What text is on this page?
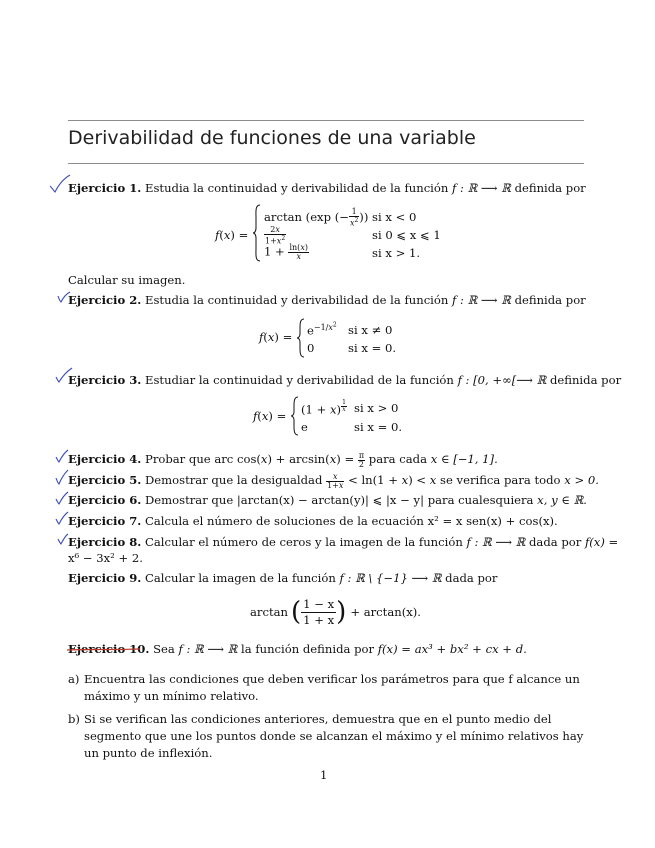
Derivabilidad de funciones de una variable
Ejercicio 1. Estudia la continuidad y derivabilidad de la función f : ℝ ⟶ ℝ definida por
f(x) =
arctan (exp (− $\frac{1}{x^2}$ ))
$\frac{2x}{1+x^2}$
$1 + \frac{\ln(x)}{x}$
si x < 0
si 0 ⩽ x ⩽ 1
si x > 1.
Calcular su imagen.
Ejercicio 2. Estudia la continuidad y derivabilidad de la función f : ℝ ⟶ ℝ definida por
$f(x) = e^{-1/x^2}$
0
si x ≠ 0
si x = 0.
Ejercicio 3. Estudiar la continuidad y derivabilidad de la función f : [0, +∞[⟶ ℝ definida por
f(x) = (1 + x) $^{\frac{1}{x}}$
e
si x > 0
si x = 0.
Ejercicio 4. Probar que arc $\cos(x) + \arcsin(x) = \frac{\pi}{2}$ para cada x ∈ [−1, 1].
Ejercicio 5. Demostrar que la desigualdad $\frac{x}{1+x} < \ln(1 + x) < x$ se verifica para todo x > 0.
Ejercicio 6. Demostrar que |arctan(x) − arctan(y)| ⩽ |x − y| para cualesquiera x, y ∈ ℝ.
Ejercicio 7. Calcula el número de soluciones de la ecuación x² = x sen(x) + cos(x).
Ejercicio 8. Calcular el número de ceros y la imagen de la función f : ℝ ⟶ ℝ dada por f(x) =
x⁶ − 3x² + 2.
Ejercicio 9. Calcular la imagen de la función f : ℝ \ {−1} ⟶ ℝ dada por
arctan ( 1 − x
1 + x ) + arctan(x).
Ejercicio 10. Sea f : ℝ ⟶ ℝ la función definida por f(x) = ax³ + bx² + cx + d.
a) Encuentra las condiciones que deben verificar los parámetros para que f alcance un máximo y un mínimo relativo.
b) Si se verifican las condiciones anteriores, demuestra que en el punto medio del segmento que une los puntos donde se alcanzan el máximo y el mínimo relativos hay un punto de inflexión.
1
